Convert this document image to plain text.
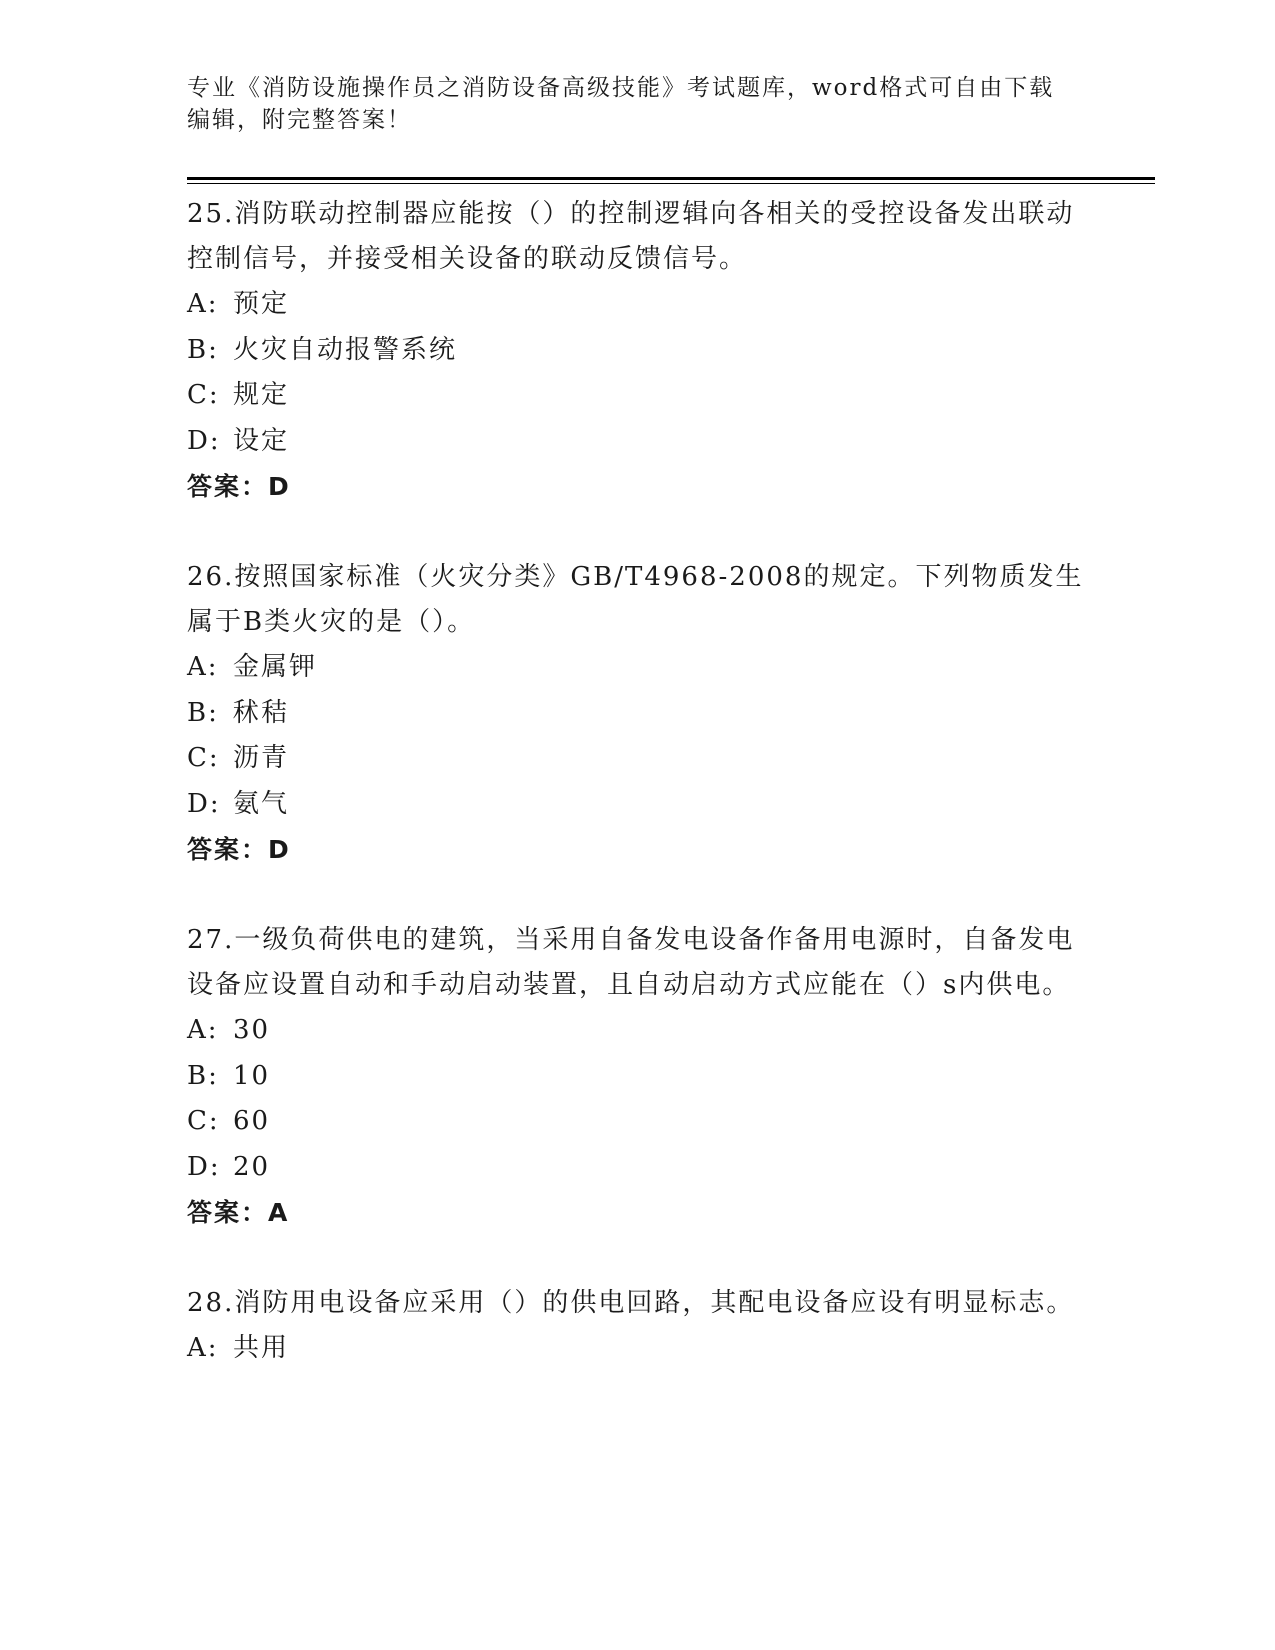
专业《消防设施操作员之消防设备高级技能》考试题库，word格式可自由下载编辑，附完整答案！

25.消防联动控制器应能按（）的控制逻辑向各相关的受控设备发出联动控制信号，并接受相关设备的联动反馈信号。

A: 预定
B: 火灾自动报警系统
C: 规定
D: 设定

答案：D

26.按照国家标准（火灾分类》GB/T4968-2008的规定。下列物质发生属于B类火灾的是（）。

A: 金属钾
B: 秫秸
C: 沥青
D: 氨气

答案：D

27.一级负荷供电的建筑，当采用自备发电设备作备用电源时，自备发电设备应设置自动和手动启动装置，且自动启动方式应能在（）s内供电。

A: 30
B: 10
C: 60
D: 20

答案：A

28.消防用电设备应采用（）的供电回路，其配电设备应设有明显标志。

A: 共用
